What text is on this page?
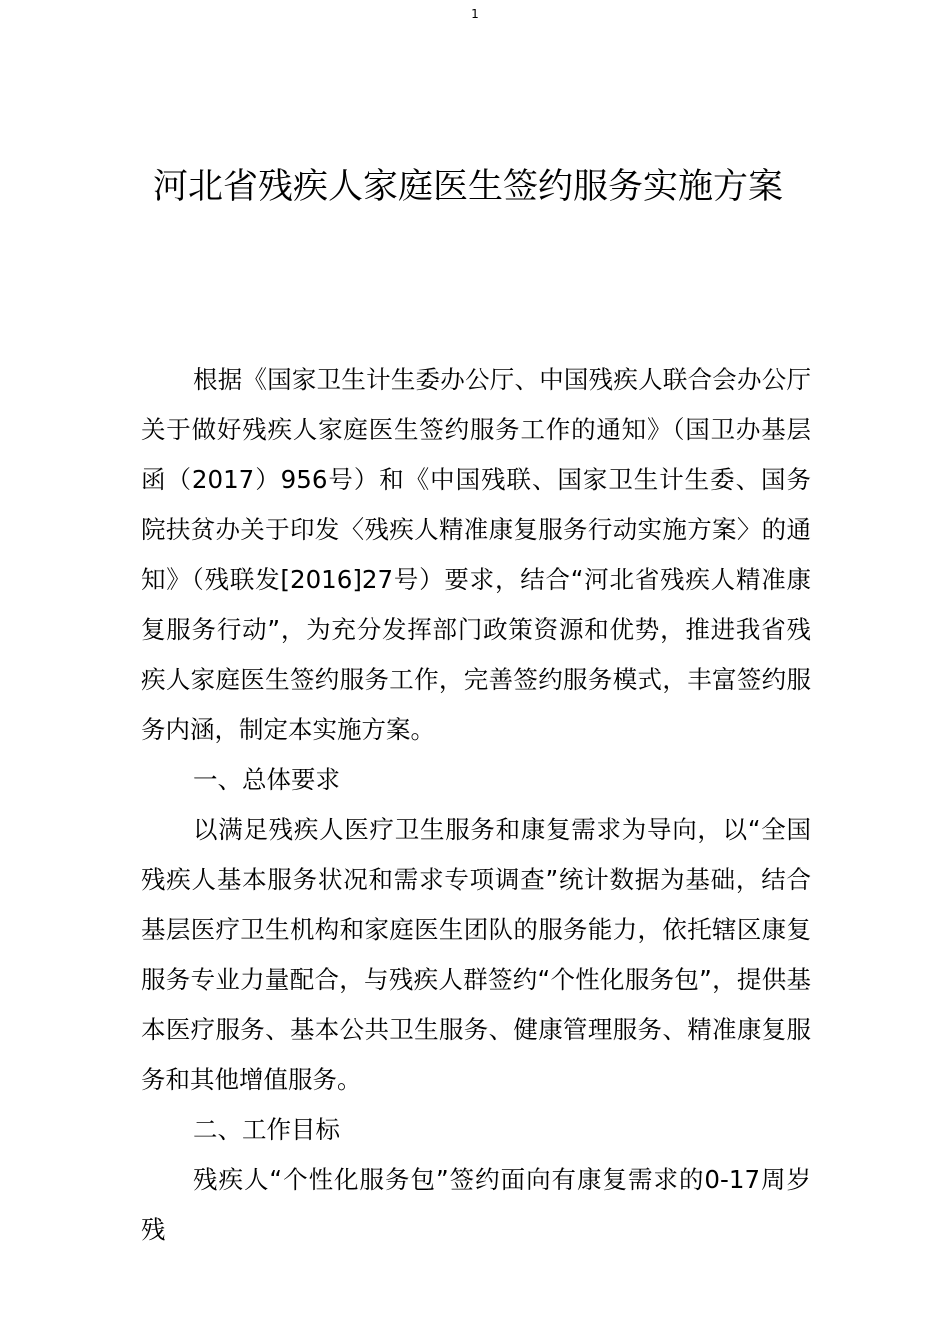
1
河北省残疾人家庭医生签约服务实施方案

根据《国家卫生计生委办公厅、中国残疾人联合会办公厅关于做好残疾人家庭医生签约服务工作的通知》（国卫办基层函（2017）956号）和《中国残联、国家卫生计生委、国务院扶贫办关于印发〈残疾人精准康复服务行动实施方案〉的通知》（残联发[2016]27号）要求，结合“河北省残疾人精准康复服务行动”，为充分发挥部门政策资源和优势，推进我省残疾人家庭医生签约服务工作，完善签约服务模式，丰富签约服务内涵，制定本实施方案。

一、总体要求

以满足残疾人医疗卫生服务和康复需求为导向，以“全国残疾人基本服务状况和需求专项调查”统计数据为基础，结合基层医疗卫生机构和家庭医生团队的服务能力，依托辖区康复服务专业力量配合，与残疾人群签约“个性化服务包”，提供基本医疗服务、基本公共卫生服务、健康管理服务、精准康复服务和其他增值服务。

二、工作目标

残疾人“个性化服务包”签约面向有康复需求的0-17周岁残
